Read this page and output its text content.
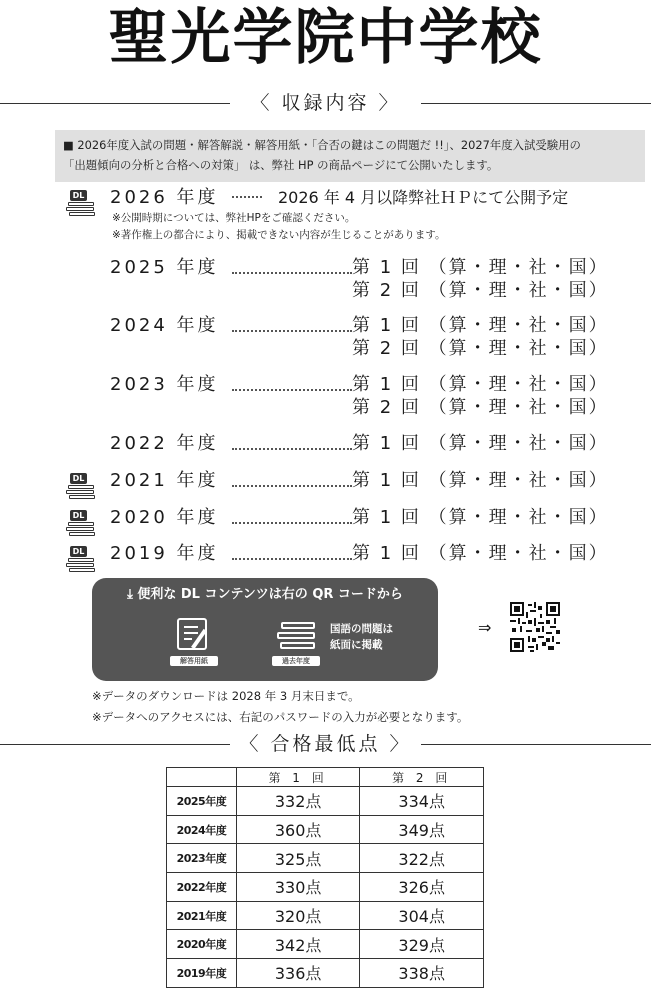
聖光学院中学校
〈 収録内容 〉
■ 2026年度入試の問題・解答解説・解答用紙・「合否の鍵はこの問題だ !!」、2027年度入試受験用の
「出題傾向の分析と合格への対策」 は、弊社 HP の商品ページにて公開いたします。
DL 2026 年度	2026 年 4 月以降弊社ＨＰにて公開予定
※公開時期については、弊社HPをご確認ください。
※著作権上の都合により、掲載できない内容が生じることがあります。
2025 年度	第 1 回 （算・理・社・国）
第 2 回 （算・理・社・国）
2024 年度	第 1 回 （算・理・社・国）
第 2 回 （算・理・社・国）
2023 年度	第 1 回 （算・理・社・国）
第 2 回 （算・理・社・国）
2022 年度	第 1 回 （算・理・社・国）
DL 2021 年度	第 1 回 （算・理・社・国）
DL 2020 年度	第 1 回 （算・理・社・国）
DL 2019 年度	第 1 回 （算・理・社・国）
⤓ 便利な DL コンテンツは右の QR コードから
解答用紙	過去年度
国語の問題は
紙面に掲載
⇒
※データのダウンロードは 2028 年 3 月末日まで。
※データへのアクセスには、右記のパスワードの入力が必要となります。
〈 合格最低点 〉
	第 1 回	第 2 回
2025年度	332点	334点
2024年度	360点	349点
2023年度	325点	322点
2022年度	330点	326点
2021年度	320点	304点
2020年度	342点	329点
2019年度	336点	338点
